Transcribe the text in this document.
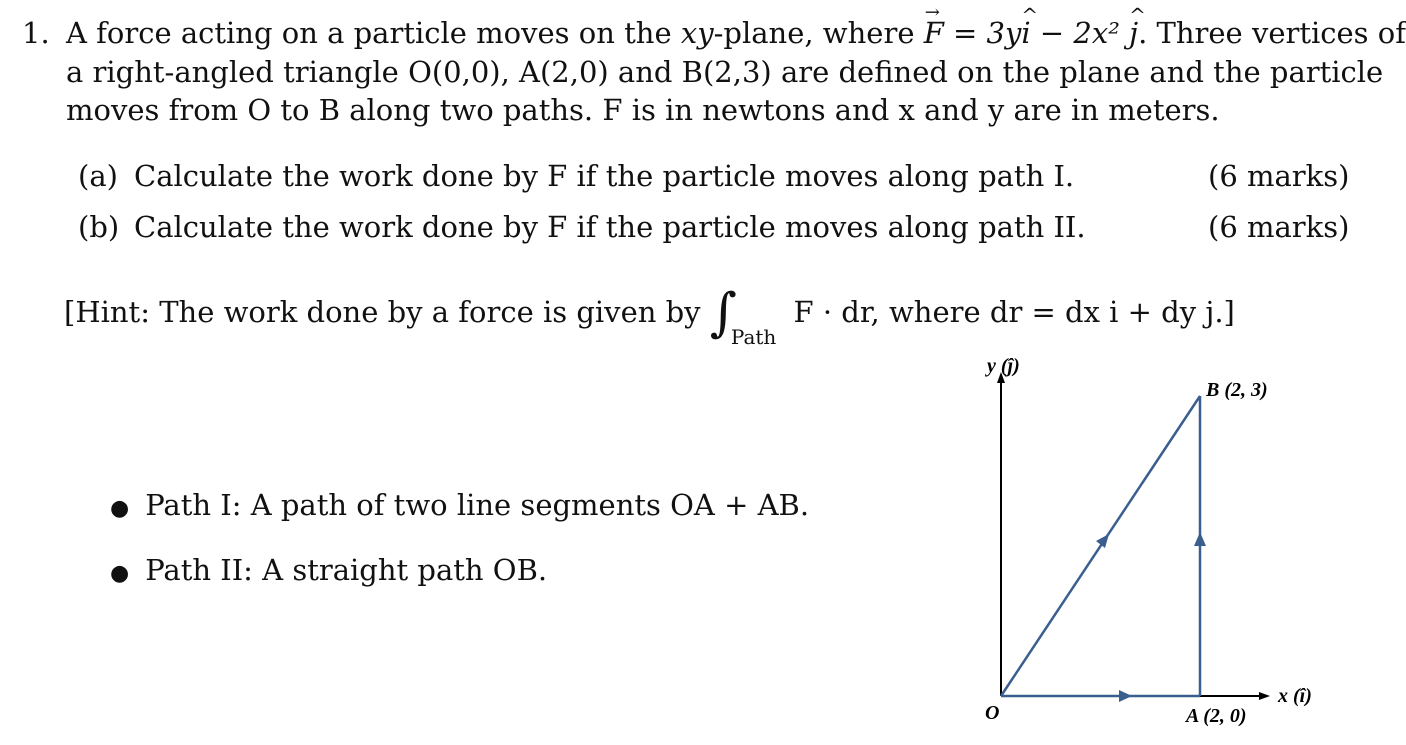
1. A force acting on a particle moves on the xy-plane, where F = 3y →i ^ − 2x² j ^. Three vertices of
a right-angled triangle O(0,0), A(2,0) and B(2,3) are defined on the plane and the particle
moves from O to B along two paths. F is in newtons and x and y are in meters.
(a) Calculate the work done by F if the particle moves along path I.	(6 marks)
(b) Calculate the work done by F if the particle moves along path II.	(6 marks)
[Hint: The work done by a force is given by $\int_{Path}$ F · dr, where dr = dx i + dy j.]
● Path I: A path of two line segments OA + AB.
● Path II: A straight path OB.
y (ĵ)
x (î)
O	A (2, 0)
B (2, 3)
